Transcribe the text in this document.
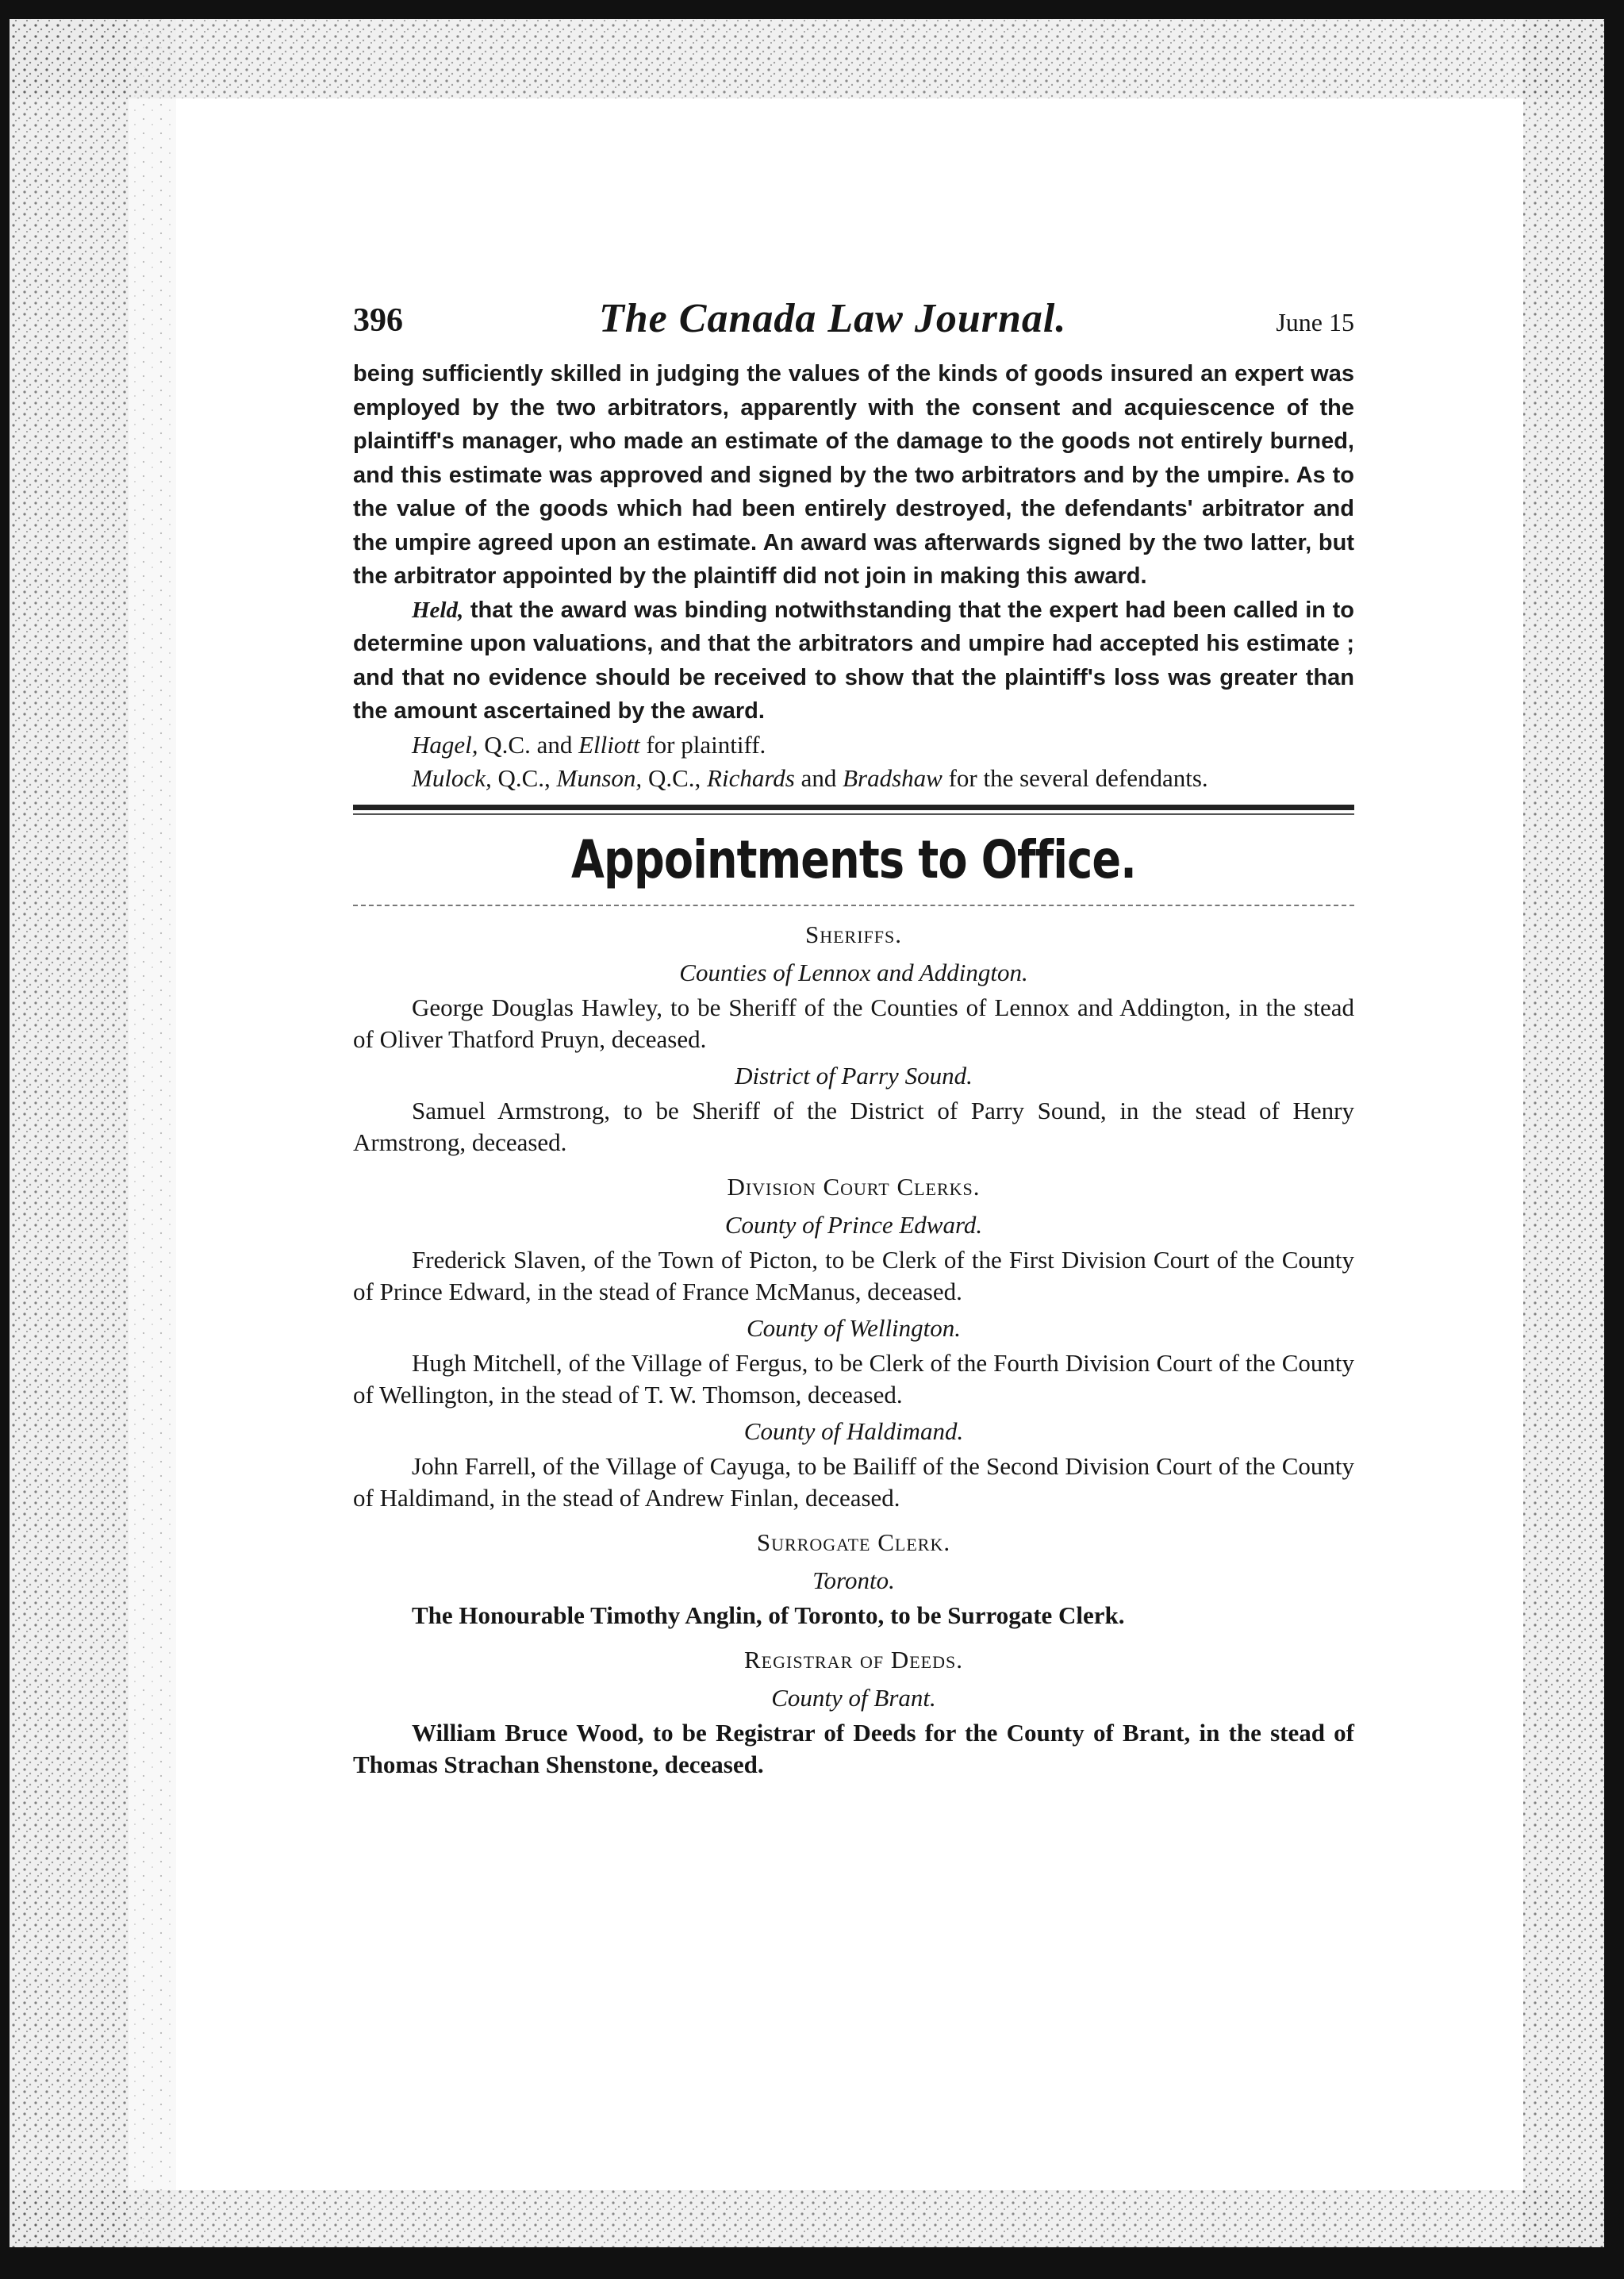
396	The Canada Law Journal.	June 15

being sufficiently skilled in judging the values of the kinds of goods insured an expert was employed by the two arbitrators, apparently with the consent and acquiescence of the plaintiff's manager, who made an estimate of the damage to the goods not entirely burned, and this estimate was approved and signed by the two arbitrators and by the umpire. As to the value of the goods which had been entirely destroyed, the defendants' arbitrator and the umpire agreed upon an estimate. An award was afterwards signed by the two latter, but the arbitrator appointed by the plaintiff did not join in making this award.

Held, that the award was binding notwithstanding that the expert had been called in to determine upon valuations, and that the arbitrators and umpire had accepted his estimate ; and that no evidence should be received to show that the plaintiff's loss was greater than the amount ascertained by the award.

Hagel, Q.C. and Elliott for plaintiff.

Mulock, Q.C., Munson, Q.C., Richards and Bradshaw for the several defendants.

Appointments to Office.
Sheriffs.
Counties of Lennox and Addington.

George Douglas Hawley, to be Sheriff of the Counties of Lennox and Addington, in the stead of Oliver Thatford Pruyn, deceased.

District of Parry Sound.

Samuel Armstrong, to be Sheriff of the District of Parry Sound, in the stead of Henry Armstrong, deceased.

Division Court Clerks.
County of Prince Edward.

Frederick Slaven, of the Town of Picton, to be Clerk of the First Division Court of the County of Prince Edward, in the stead of France McManus, deceased.

County of Wellington.

Hugh Mitchell, of the Village of Fergus, to be Clerk of the Fourth Division Court of the County of Wellington, in the stead of T. W. Thomson, deceased.

County of Haldimand.

John Farrell, of the Village of Cayuga, to be Bailiff of the Second Division Court of the County of Haldimand, in the stead of Andrew Finlan, deceased.

Surrogate Clerk.
Toronto.

The Honourable Timothy Anglin, of Toronto, to be Surrogate Clerk.

Registrar of Deeds.
County of Brant.

William Bruce Wood, to be Registrar of Deeds for the County of Brant, in the stead of Thomas Strachan Shenstone, deceased.
